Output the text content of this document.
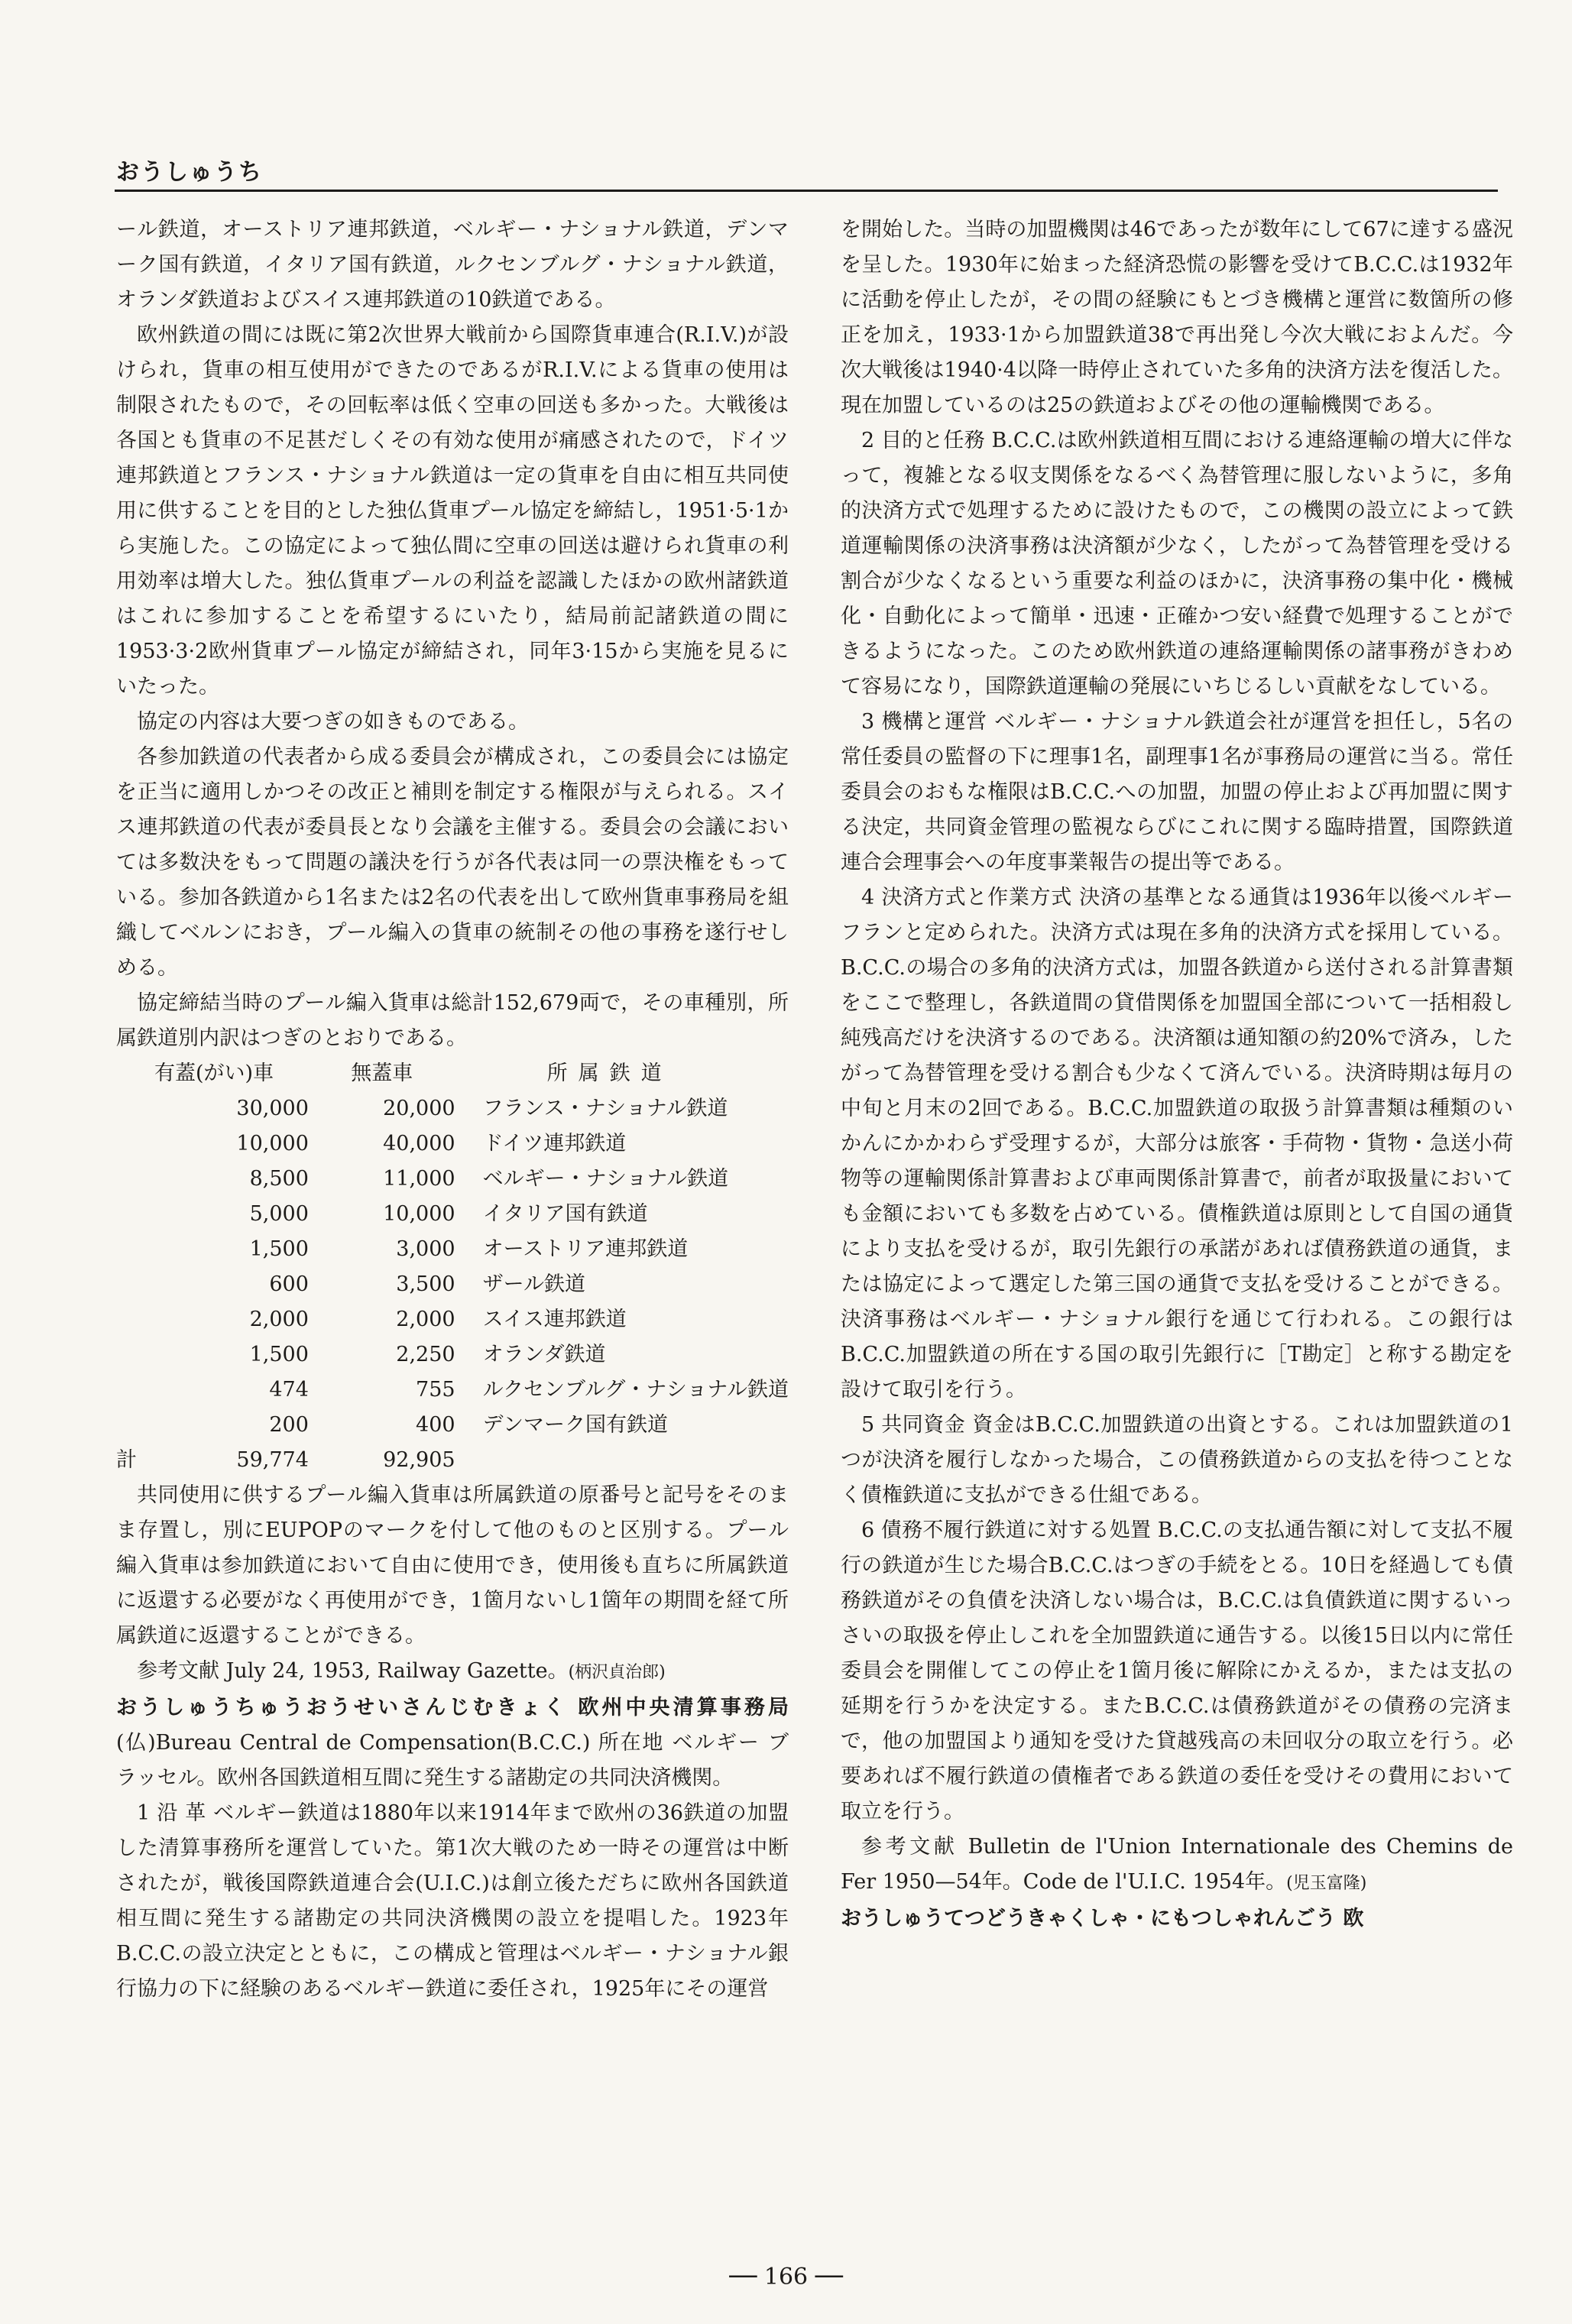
おうしゅうち

ール鉄道，オーストリア連邦鉄道，ベルギー・ナショナル鉄道，デンマーク国有鉄道，イタリア国有鉄道，ルクセンブルグ・ナショナル鉄道，オランダ鉄道およびスイス連邦鉄道の10鉄道である。

欧州鉄道の間には既に第2次世界大戦前から国際貨車連合(R.I.V.)が設けられ，貨車の相互使用ができたのであるがR.I.V.による貨車の使用は制限されたもので，その回転率は低く空車の回送も多かった。大戦後は各国とも貨車の不足甚だしくその有効な使用が痛感されたので，ドイツ連邦鉄道とフランス・ナショナル鉄道は一定の貨車を自由に相互共同使用に供することを目的とした独仏貨車プール協定を締結し，1951·5·1から実施した。この協定によって独仏間に空車の回送は避けられ貨車の利用効率は増大した。独仏貨車プールの利益を認識したほかの欧州諸鉄道はこれに参加することを希望するにいたり，結局前記諸鉄道の間に1953·3·2欧州貨車プール協定が締結され，同年3·15から実施を見るにいたった。

協定の内容は大要つぎの如きものである。

各参加鉄道の代表者から成る委員会が構成され，この委員会には協定を正当に適用しかつその改正と補則を制定する権限が与えられる。スイス連邦鉄道の代表が委員長となり会議を主催する。委員会の会議においては多数決をもって問題の議決を行うが各代表は同一の票決権をもっている。参加各鉄道から1名または2名の代表を出して欧州貨車事務局を組織してベルンにおき，プール編入の貨車の統制その他の事務を遂行せしめる。

協定締結当時のプール編入貨車は総計152,679両で，その車種別，所属鉄道別内訳はつぎのとおりである。

有蓋(がい)車	無蓋車	所属鉄道
30,000	20,000	フランス・ナショナル鉄道
10,000	40,000	ドイツ連邦鉄道
8,500	11,000	ベルギー・ナショナル鉄道
5,000	10,000	イタリア国有鉄道
1,500	3,000	オーストリア連邦鉄道
600	3,500	ザール鉄道
2,000	2,000	スイス連邦鉄道
1,500	2,250	オランダ鉄道
474	755	ルクセンブルグ・ナショナル鉄道
200	400	デンマーク国有鉄道

計 59,774	92,905	

共同使用に供するプール編入貨車は所属鉄道の原番号と記号をそのまま存置し，別にEUPOPのマークを付して他のものと区別する。プール編入貨車は参加鉄道において自由に使用でき，使用後も直ちに所属鉄道に返還する必要がなく再使用ができ，1箇月ないし1箇年の期間を経て所属鉄道に返還することができる。

参考文献 July 24, 1953, Railway Gazette。(柄沢貞治郎)

おうしゅうちゅうおうせいさんじむきょく 欧州中央清算事務局 (仏)Bureau Central de Compensation(B.C.C.) 所在地 ベルギー ブラッセル。欧州各国鉄道相互間に発生する諸勘定の共同決済機関。

1 沿 革 ベルギー鉄道は1880年以来1914年まで欧州の36鉄道の加盟した清算事務所を運営していた。第1次大戦のため一時その運営は中断されたが，戦後国際鉄道連合会(U.I.C.)は創立後ただちに欧州各国鉄道相互間に発生する諸勘定の共同決済機関の設立を提唱した。1923年B.C.C.の設立決定とともに，この構成と管理はベルギー・ナショナル銀行協力の下に経験のあるベルギー鉄道に委任され，1925年にその運営

を開始した。当時の加盟機関は46であったが数年にして67に達する盛況を呈した。1930年に始まった経済恐慌の影響を受けてB.C.C.は1932年に活動を停止したが，その間の経験にもとづき機構と運営に数箇所の修正を加え，1933·1から加盟鉄道38で再出発し今次大戦におよんだ。今次大戦後は1940·4以降一時停止されていた多角的決済方法を復活した。現在加盟しているのは25の鉄道およびその他の運輸機関である。

2 目的と任務 B.C.C.は欧州鉄道相互間における連絡運輸の増大に伴なって，複雑となる収支関係をなるべく為替管理に服しないように，多角的決済方式で処理するために設けたもので，この機関の設立によって鉄道運輸関係の決済事務は決済額が少なく，したがって為替管理を受ける割合が少なくなるという重要な利益のほかに，決済事務の集中化・機械化・自動化によって簡単・迅速・正確かつ安い経費で処理することができるようになった。このため欧州鉄道の連絡運輸関係の諸事務がきわめて容易になり，国際鉄道運輸の発展にいちじるしい貢献をなしている。

3 機構と運営 ベルギー・ナショナル鉄道会社が運営を担任し，5名の常任委員の監督の下に理事1名，副理事1名が事務局の運営に当る。常任委員会のおもな権限はB.C.C.への加盟，加盟の停止および再加盟に関する決定，共同資金管理の監視ならびにこれに関する臨時措置，国際鉄道連合会理事会への年度事業報告の提出等である。

4 決済方式と作業方式 決済の基準となる通貨は1936年以後ベルギーフランと定められた。決済方式は現在多角的決済方式を採用している。B.C.C.の場合の多角的決済方式は，加盟各鉄道から送付される計算書類をここで整理し，各鉄道間の貸借関係を加盟国全部について一括相殺し純残高だけを決済するのである。決済額は通知額の約20%で済み，したがって為替管理を受ける割合も少なくて済んでいる。決済時期は毎月の中旬と月末の2回である。B.C.C.加盟鉄道の取扱う計算書類は種類のいかんにかかわらず受理するが，大部分は旅客・手荷物・貨物・急送小荷物等の運輸関係計算書および車両関係計算書で，前者が取扱量においても金額においても多数を占めている。債権鉄道は原則として自国の通貨により支払を受けるが，取引先銀行の承諾があれば債務鉄道の通貨，または協定によって選定した第三国の通貨で支払を受けることができる。決済事務はベルギー・ナショナル銀行を通じて行われる。この銀行はB.C.C.加盟鉄道の所在する国の取引先銀行に［T勘定］と称する勘定を設けて取引を行う。

5 共同資金 資金はB.C.C.加盟鉄道の出資とする。これは加盟鉄道の1つが決済を履行しなかった場合，この債務鉄道からの支払を待つことなく債権鉄道に支払ができる仕組である。

6 債務不履行鉄道に対する処置 B.C.C.の支払通告額に対して支払不履行の鉄道が生じた場合B.C.C.はつぎの手続をとる。10日を経過しても債務鉄道がその負債を決済しない場合は，B.C.C.は負債鉄道に関するいっさいの取扱を停止しこれを全加盟鉄道に通告する。以後15日以内に常任委員会を開催してこの停止を1箇月後に解除にかえるか，または支払の延期を行うかを決定する。またB.C.C.は債務鉄道がその債務の完済まで，他の加盟国より通知を受けた貸越残高の未回収分の取立を行う。必要あれば不履行鉄道の債権者である鉄道の委任を受けその費用において取立を行う。

参考文献 Bulletin de l'Union Internationale des Chemins de Fer 1950—54年。Code de l'U.I.C. 1954年。(児玉富隆)

おうしゅうてつどうきゃくしゃ・にもつしゃれんごう 欧

── 166 ──
